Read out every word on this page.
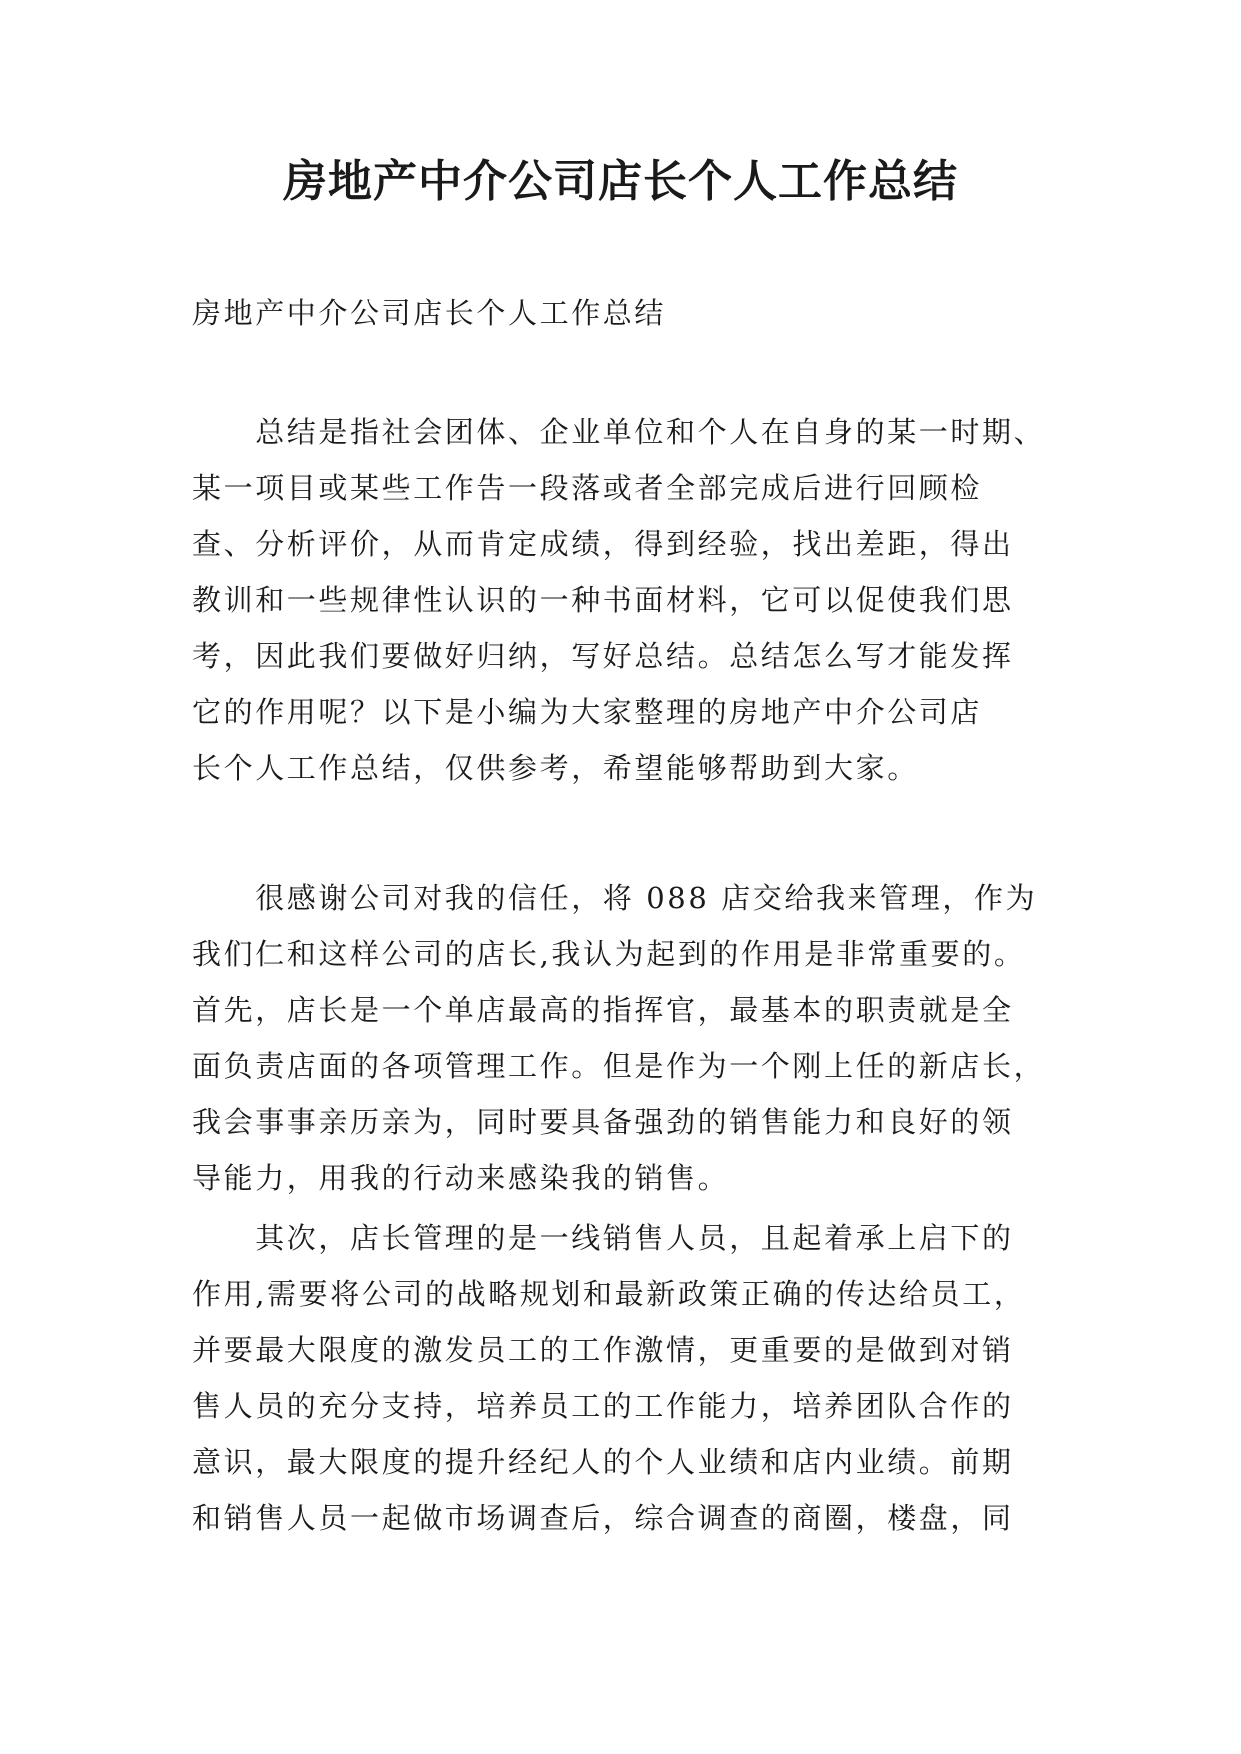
房地产中介公司店长个人工作总结

房地产中介公司店长个人工作总结

　　总结是指社会团体、企业单位和个人在自身的某一时期、
某一项目或某些工作告一段落或者全部完成后进行回顾检
查、分析评价，从而肯定成绩，得到经验，找出差距，得出
教训和一些规律性认识的一种书面材料，它可以促使我们思
考，因此我们要做好归纳，写好总结。总结怎么写才能发挥
它的作用呢？以下是小编为大家整理的房地产中介公司店
长个人工作总结，仅供参考，希望能够帮助到大家。

　　很感谢公司对我的信任，将 088 店交给我来管理，作为
我们仁和这样公司的店长,我认为起到的作用是非常重要的。
首先，店长是一个单店最高的指挥官，最基本的职责就是全
面负责店面的各项管理工作。但是作为一个刚上任的新店长，
我会事事亲历亲为，同时要具备强劲的销售能力和良好的领
导能力，用我的行动来感染我的销售。

　　其次，店长管理的是一线销售人员，且起着承上启下的
作用,需要将公司的战略规划和最新政策正确的传达给员工，
并要最大限度的激发员工的工作激情，更重要的是做到对销
售人员的充分支持，培养员工的工作能力，培养团队合作的
意识，最大限度的提升经纪人的个人业绩和店内业绩。前期
和销售人员一起做市场调查后，综合调查的商圈，楼盘，同
